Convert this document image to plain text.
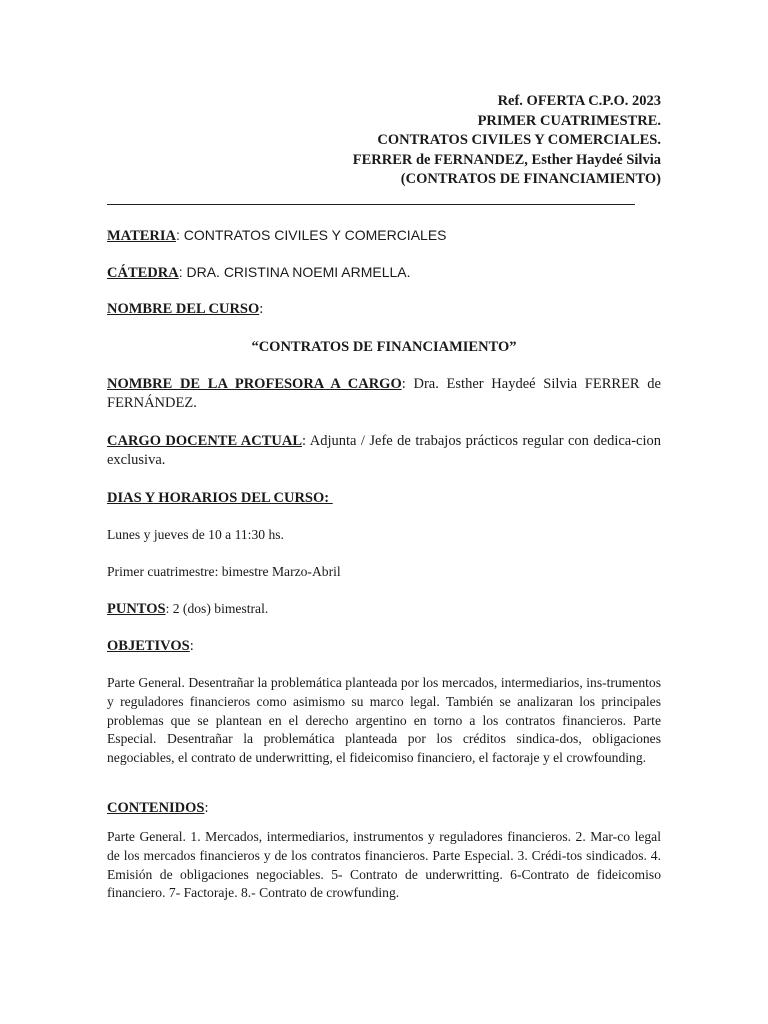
Ref. OFERTA C.P.O. 2023
PRIMER CUATRIMESTRE.
CONTRATOS CIVILES Y COMERCIALES.
FERRER de FERNANDEZ, Esther Haydeé Silvia
(CONTRATOS DE FINANCIAMIENTO)
MATERIA: CONTRATOS CIVILES Y COMERCIALES
CÁTEDRA: DRA. CRISTINA NOEMI ARMELLA.
NOMBRE DEL CURSO:
“CONTRATOS DE FINANCIAMIENTO”
NOMBRE DE LA PROFESORA A CARGO: Dra. Esther Haydeé Silvia FERRER de FERNÁNDEZ.
CARGO DOCENTE ACTUAL: Adjunta / Jefe de trabajos prácticos regular con dedica-cion exclusiva.
DIAS Y HORARIOS DEL CURSO:
Lunes y jueves de 10 a 11:30 hs.
Primer cuatrimestre: bimestre Marzo-Abril
PUNTOS: 2 (dos) bimestral.
OBJETIVOS:
Parte General. Desentrañar la problemática planteada por los mercados, intermediarios, ins-trumentos y reguladores financieros como asimismo su marco legal. También se analizaran los principales problemas que se plantean en el derecho argentino en torno a los contratos financieros. Parte Especial. Desentrañar la problemática planteada por los créditos sindica-dos, obligaciones negociables, el contrato de underwritting, el fideicomiso financiero, el factoraje y el crowfounding.
CONTENIDOS:
Parte General. 1. Mercados, intermediarios, instrumentos y reguladores financieros. 2. Mar-co legal de los mercados financieros y de los contratos financieros. Parte Especial. 3. Crédi-tos sindicados. 4. Emisión de obligaciones negociables. 5- Contrato de underwritting. 6-Contrato de fideicomiso financiero. 7- Factoraje. 8.- Contrato de crowfunding.
